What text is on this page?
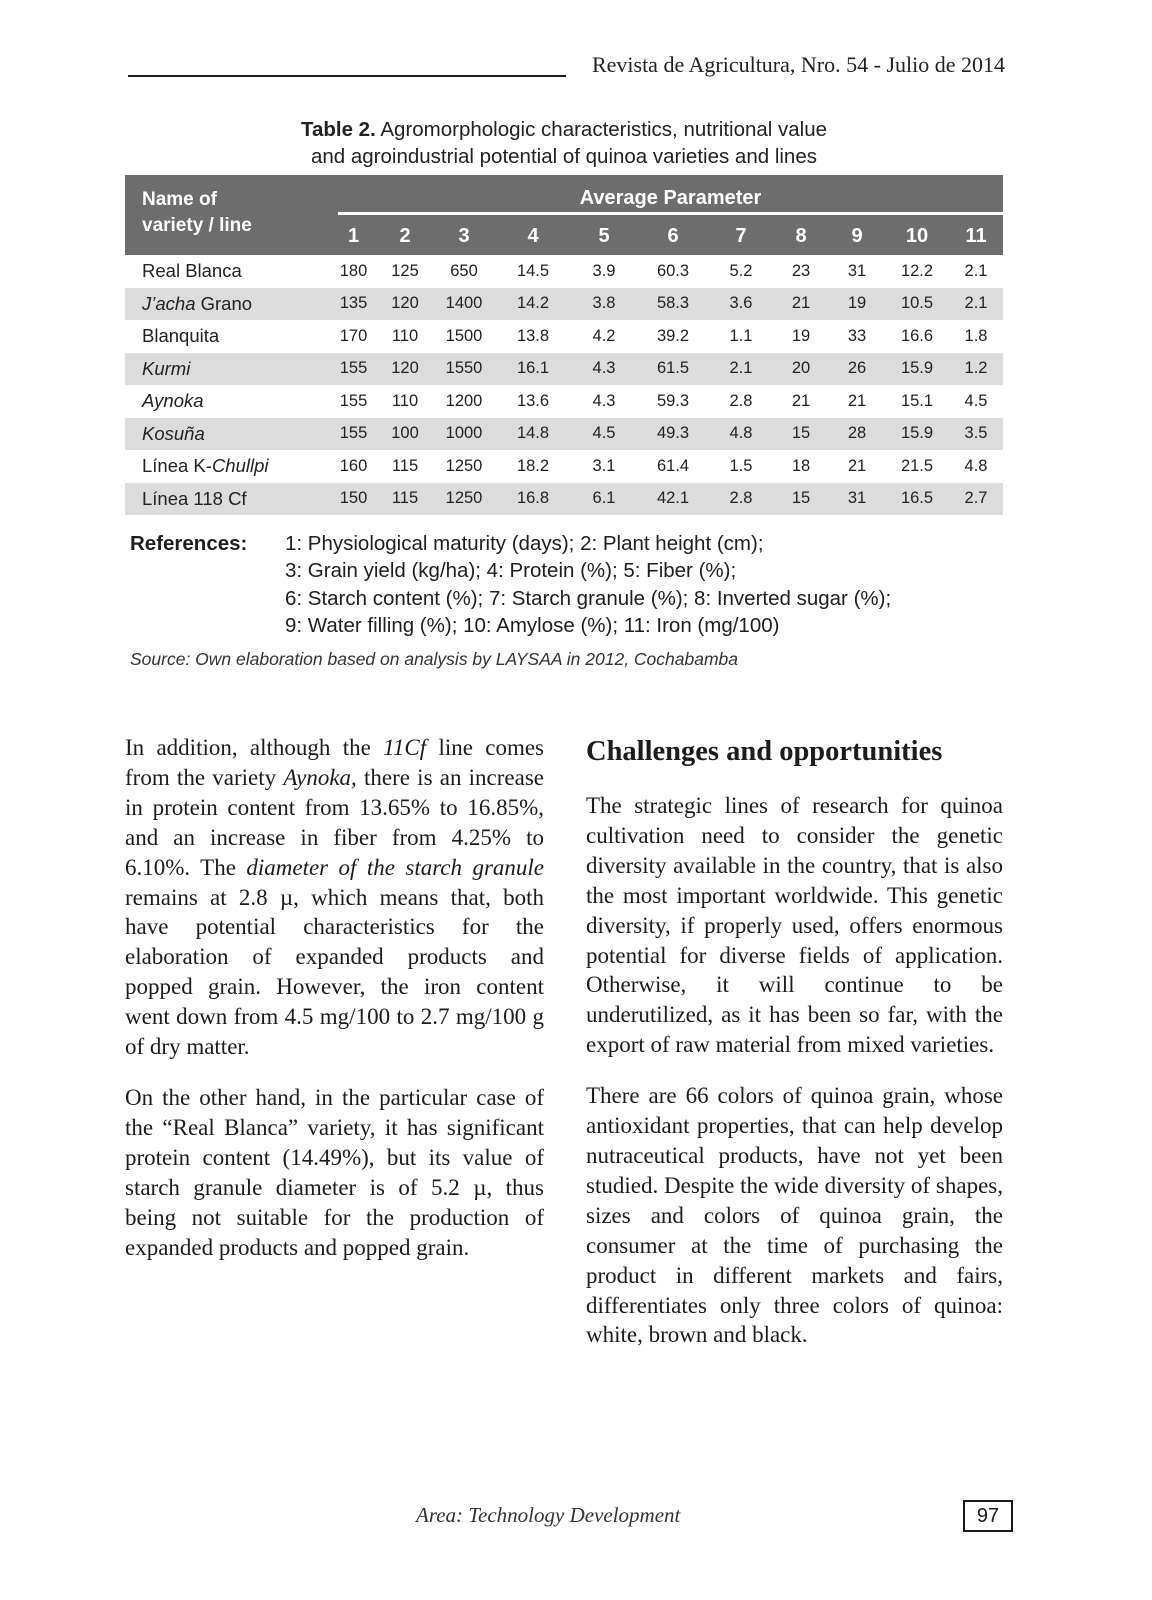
Revista de Agricultura, Nro. 54 - Julio de 2014
Table 2. Agromorphologic characteristics, nutritional value
and agroindustrial potential of quinoa varieties and lines
Name of
variety / line	Average Parameter										

	1	2	3	4	5	6	7	8	9	10	11
Real Blanca	180	125	650	14.5	3.9	60.3	5.2	23	31	12.2	2.1
J’acha Grano	135	120	1400	14.2	3.8	58.3	3.6	21	19	10.5	2.1
Blanquita	170	110	1500	13.8	4.2	39.2	1.1	19	33	16.6	1.8
Kurmi	155	120	1550	16.1	4.3	61.5	2.1	20	26	15.9	1.2
Aynoka	155	110	1200	13.6	4.3	59.3	2.8	21	21	15.1	4.5
Kosuña	155	100	1000	14.8	4.5	49.3	4.8	15	28	15.9	3.5
Línea K-Chullpi	160	115	1250	18.2	3.1	61.4	1.5	18	21	21.5	4.8
Línea 118 Cf	150	115	1250	16.8	6.1	42.1	2.8	15	31	16.5	2.7
References: 1: Physiological maturity (days); 2: Plant height (cm);
3: Grain yield (kg/ha); 4: Protein (%); 5: Fiber (%);
6: Starch content (%); 7: Starch granule (%); 8: Inverted sugar (%);
9: Water filling (%); 10: Amylose (%); 11: Iron (mg/100)
Source: Own elaboration based on analysis by LAYSAA in 2012, Cochabamba

In addition, although the 11Cf line comes from the variety Aynoka, there is an increase in protein content from 13.65% to 16.85%, and an increase in fiber from 4.25% to 6.10%. The diameter of the starch granule remains at 2.8 µ, which means that, both have potential characteristics for the elaboration of expanded products and popped grain. However, the iron content went down from 4.5 mg/100 to 2.7 mg/100 g of dry matter.

On the other hand, in the particular case of the “Real Blanca” variety, it has significant protein content (14.49%), but its value of starch granule diameter is of 5.2 µ, thus being not suitable for the production of expanded products and popped grain.

Challenges and opportunities

The strategic lines of research for quinoa cultivation need to consider the genetic diversity available in the country, that is also the most important worldwide. This genetic diversity, if properly used, offers enormous potential for diverse fields of application. Otherwise, it will continue to be underutilized, as it has been so far, with the export of raw material from mixed varieties.

There are 66 colors of quinoa grain, whose antioxidant properties, that can help develop nutraceutical products, have not yet been studied. Despite the wide diversity of shapes, sizes and colors of quinoa grain, the consumer at the time of purchasing the product in different markets and fairs, differentiates only three colors of quinoa: white, brown and black.

Area: Technology Development	97
